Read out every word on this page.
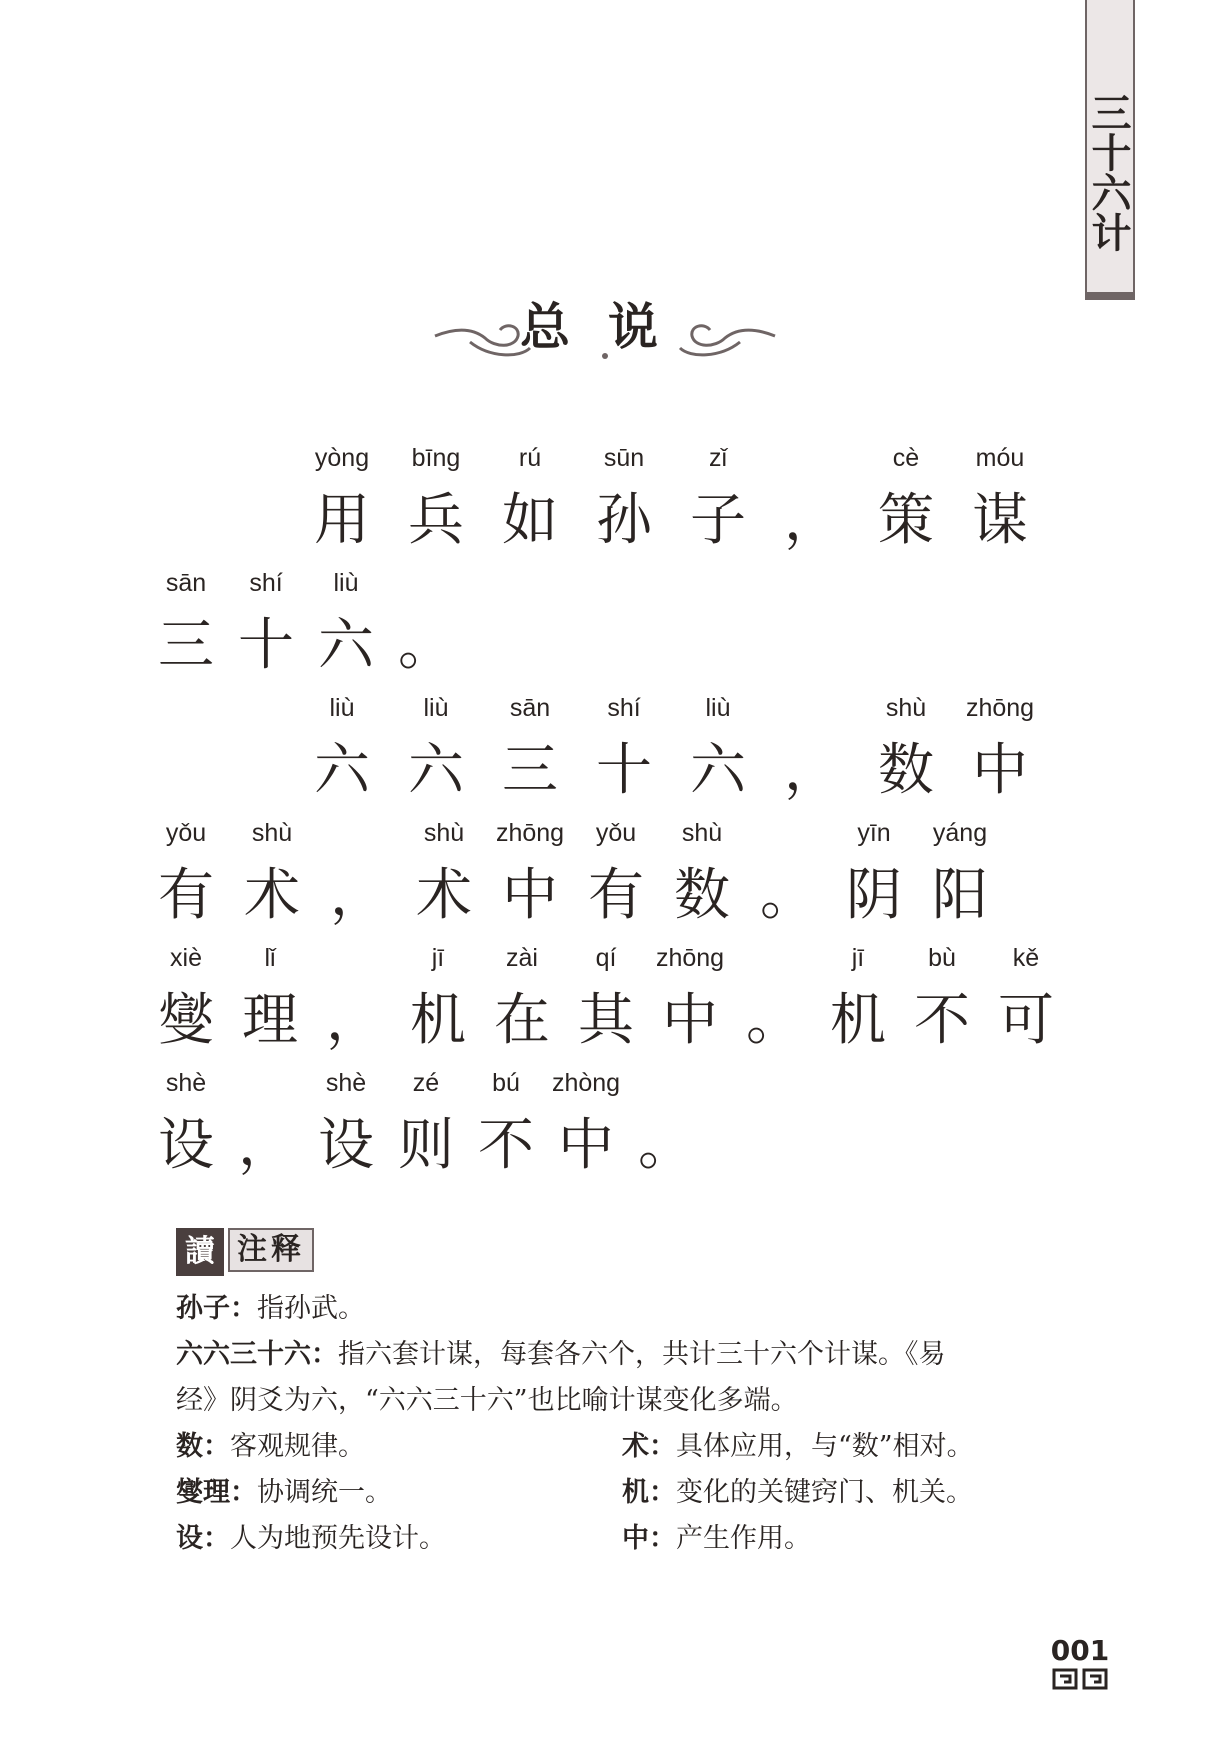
三十六计
总说
yòng
用
bīng
兵
rú
如
sūn
孙
zǐ
子 ，
cè
策
móu
谋
sān
三
shí
十
liù
六 。
liù
六
liù
六
sān
三
shí
十
liù
六 ，
shù
数
zhōng
中
yǒu
有
shù
术 ，
shù
术
zhōng
中
yǒu
有
shù
数 。
yīn
阴
yáng
阳
xiè
燮
lǐ
理 ，
jī
机
zài
在
qí
其
zhōng
中 。
jī
机
bù
不
kě
可
shè
设 ，
shè
设
zé
则
bú
不
zhòng
中 。
讀 注释
孙子：指孙武。
六六三十六：指六套计谋，每套各六个，共计三十六个计谋。《易
经》阴爻为六，“六六三十六”也比喻计谋变化多端。
数：客观规律。	术：具体应用，与“数”相对。
燮理：协调统一。	机：变化的关键窍门、机关。
设：人为地预先设计。	中：产生作用。
001
